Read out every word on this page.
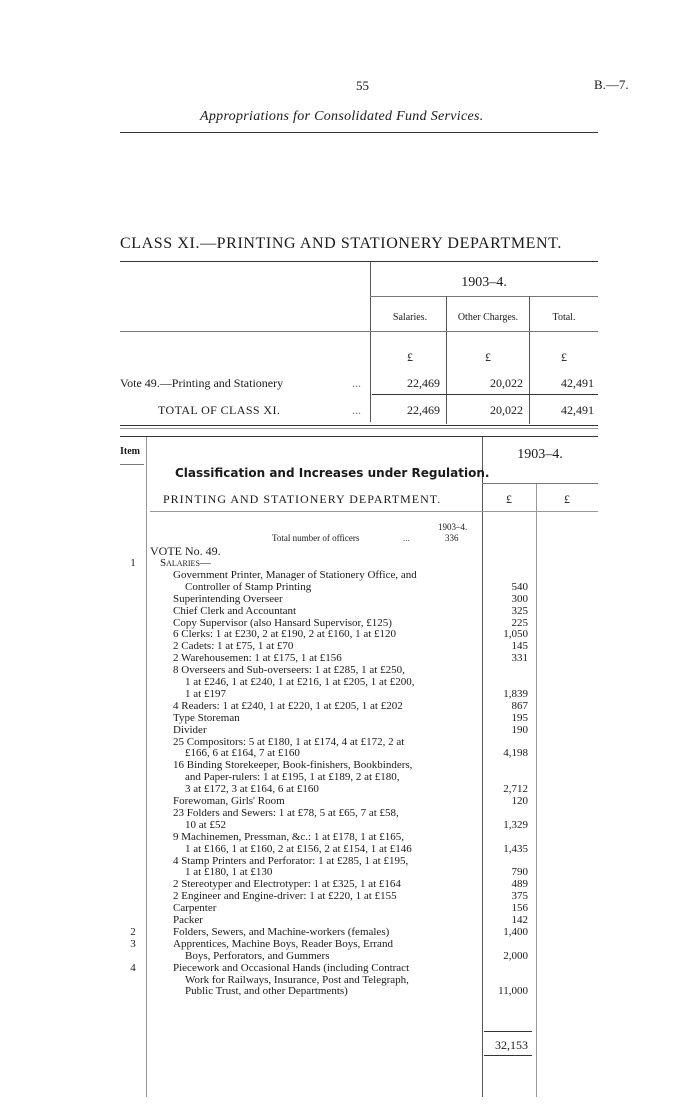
55	B.—7.
Appropriations for Consolidated Fund Services.
CLASS XI.—PRINTING AND STATIONERY DEPARTMENT.
1903–4.
Salaries.	Other Charges.	Total.
£	£	£
Vote 49.—Printing and Stationery	...	22,469	20,022	42,491
TOTAL OF CLASS XI.	...	22,469	20,022	42,491
Item	1903–4.
Classification and Increases under Regulation.
PRINTING AND STATIONERY DEPARTMENT.	£	£
1903–4.
Total number of officers	...	336
VOTE No. 49.
Salaries—
1
Government Printer, Manager of Stationery Office, and
Controller of Stamp Printing	540
Superintending Overseer	300
Chief Clerk and Accountant	325
Copy Supervisor (also Hansard Supervisor, £125)	225
6 Clerks: 1 at £230, 2 at £190, 2 at £160, 1 at £120	1,050
2 Cadets: 1 at £75, 1 at £70	145
2 Warehousemen: 1 at £175, 1 at £156	331
8 Overseers and Sub-overseers: 1 at £285, 1 at £250,
1 at £246, 1 at £240, 1 at £216, 1 at £205, 1 at £200,
1 at £197	1,839
4 Readers: 1 at £240, 1 at £220, 1 at £205, 1 at £202	867
Type Storeman	195
Divider	190
25 Compositors: 5 at £180, 1 at £174, 4 at £172, 2 at
£166, 6 at £164, 7 at £160	4,198
16 Binding Storekeeper, Book-finishers, Bookbinders,
and Paper-rulers: 1 at £195, 1 at £189, 2 at £180,
3 at £172, 3 at £164, 6 at £160	2,712
Forewoman, Girls' Room	120
23 Folders and Sewers: 1 at £78, 5 at £65, 7 at £58,
10 at £52	1,329
9 Machinemen, Pressman, &c.: 1 at £178, 1 at £165,
1 at £166, 1 at £160, 2 at £156, 2 at £154, 1 at £146	1,435
4 Stamp Printers and Perforator: 1 at £285, 1 at £195,
1 at £180, 1 at £130	790
2 Stereotyper and Electrotyper: 1 at £325, 1 at £164	489
2 Engineer and Engine-driver: 1 at £220, 1 at £155	375
Carpenter	156
Packer	142
2	Folders, Sewers, and Machine-workers (females)	1,400
3	Apprentices, Machine Boys, Reader Boys, Errand
Boys, Perforators, and Gummers	2,000
4	Piecework and Occasional Hands (including Contract
Work for Railways, Insurance, Post and Telegraph,
Public Trust, and other Departments)	11,000
32,153
